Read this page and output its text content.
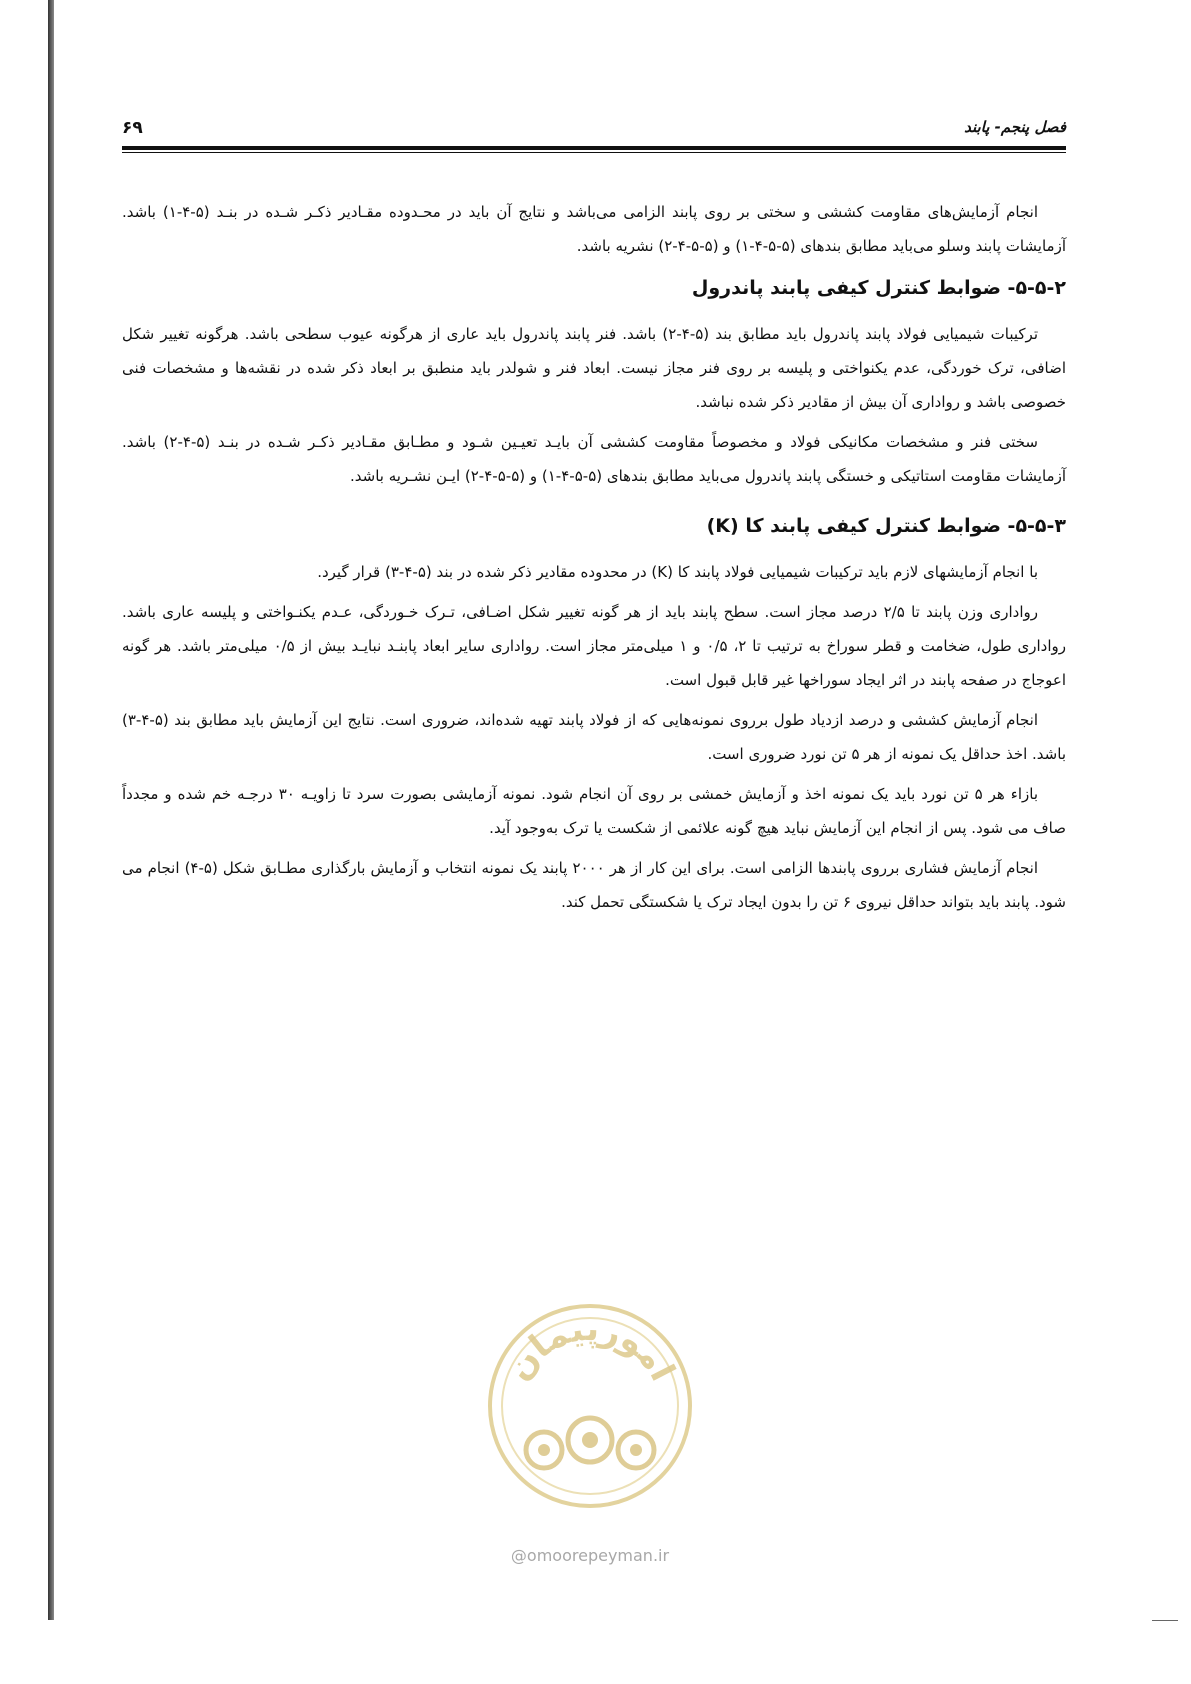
۶۹	فصل پنجم- پابند

انجام آزمایش‌های مقاومت کششی و سختی بر روی پابند الزامی می‌باشد و نتایج آن باید در محـدوده مقـادیر ذکـر شـده در بنـد (۵-۴-۱) باشد. آزمایشات پابند وسلو می‌باید مطابق بندهای (۵-۵-۴-۱) و (۵-۵-۴-۲) نشریه باشد.

۵-۵-۲- ضوابط کنترل کیفی پابند پاندرول

ترکیبات شیمیایی فولاد پابند پاندرول باید مطابق بند (۵-۴-۲) باشد. فنر پابند پاندرول باید عاری از هرگونه عیوب سطحی باشد. هرگونه تغییر شکل اضافی، ترک خوردگی، عدم یکنواختی و پلیسه بر روی فنر مجاز نیست. ابعاد فنر و شولدر باید منطبق بر ابعاد ذکر شده در نقشه‌ها و مشخصات فنی خصوصی باشد و رواداری آن بیش از مقادیر ذکر شده نباشد.

سختی فنر و مشخصات مکانیکی فولاد و مخصوصاً مقاومت کششی آن بایـد تعیـین شـود و مطـابق مقـادیر ذکـر شـده در بنـد (۵-۴-۲) باشد. آزمایشات مقاومت استاتیکی و خستگی پابند پاندرول می‌باید مطابق بندهای (۵-۵-۴-۱) و (۵-۵-۴-۲) ایـن نشـریه باشد.

۵-۵-۳- ضوابط کنترل کیفی پابند کا (K)

با انجام آزمایشهای لازم باید ترکیبات شیمیایی فولاد پابند کا (K) در محدوده مقادیر ذکر شده در بند (۵-۴-۳) قرار گیرد.

رواداری وزن پابند تا ۲/۵ درصد مجاز است. سطح پابند باید از هر گونه تغییر شکل اضـافی، تـرک خـوردگی، عـدم یکنـواختی و پلیسه عاری باشد. رواداری طول، ضخامت و قطر سوراخ به ترتیب تا ۲، ۰/۵ و ۱ میلی‌متر مجاز است. رواداری سایر ابعاد پابنـد نبایـد بیش از ۰/۵ میلی‌متر باشد. هر گونه اعوجاج در صفحه پابند در اثر ایجاد سوراخها غیر قابل قبول است.

انجام آزمایش کششی و درصد ازدیاد طول برروی نمونه‌هایی که از فولاد پابند تهیه شده‌اند، ضروری است. نتایج این آزمایش باید مطابق بند (۵-۴-۳) باشد. اخذ حداقل یک نمونه از هر ۵ تن نورد ضروری است.

بازاء هر ۵ تن نورد باید یک نمونه اخذ و آزمایش خمشی بر روی آن انجام شود. نمونه آزمایشی بصورت سرد تا زاویـه ۳۰ درجـه خم شده و مجدداً صاف می شود. پس از انجام این آزمایش نباید هیچ گونه علائمی از شکست یا ترک به‌وجود آید.

انجام آزمایش فشاری برروی پابندها الزامی است. برای این کار از هر ۲۰۰۰ پابند یک نمونه انتخاب و آزمایش بارگذاری مطـابق شکل (۵-۴) انجام می شود. پابند باید بتواند حداقل نیروی ۶ تن را بدون ایجاد ترک یا شکستگی تحمل کند.

امورپیمان
@omoorepeyman.ir
